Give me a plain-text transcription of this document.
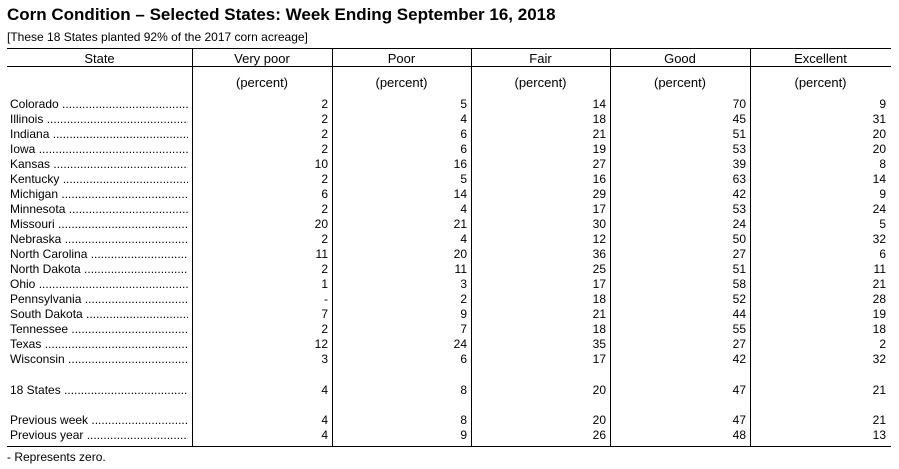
Corn Condition – Selected States: Week Ending September 16, 2018
[These 18 States planted 92% of the 2017 corn acreage]
State	Very poor	Poor	Fair	Good	Excellent
(percent)	(percent)	(percent)	(percent)	(percent)
Colorado .....	2	5	14	70	9
Illinois .....	2	4	18	45	31
Indiana .....	2	6	21	51	20
Iowa .....	2	6	19	53	20
Kansas .....	10	16	27	39	8
Kentucky .....	2	5	16	63	14
Michigan .....	6	14	29	42	9
Minnesota .....	2	4	17	53	24
Missouri .....	20	21	30	24	5
Nebraska .....	2	4	12	50	32
North Carolina .....	11	20	36	27	6
North Dakota .....	2	11	25	51	11
Ohio .....	1	3	17	58	21
Pennsylvania .....	-	2	18	52	28
South Dakota .....	7	9	21	44	19
Tennessee .....	2	7	18	55	18
Texas .....	12	24	35	27	2
Wisconsin .....	3	6	17	42	32
18 States .....	4	8	20	47	21
Previous week .....	4	8	20	47	21
Previous year .....	4	9	26	48	13
- Represents zero.
